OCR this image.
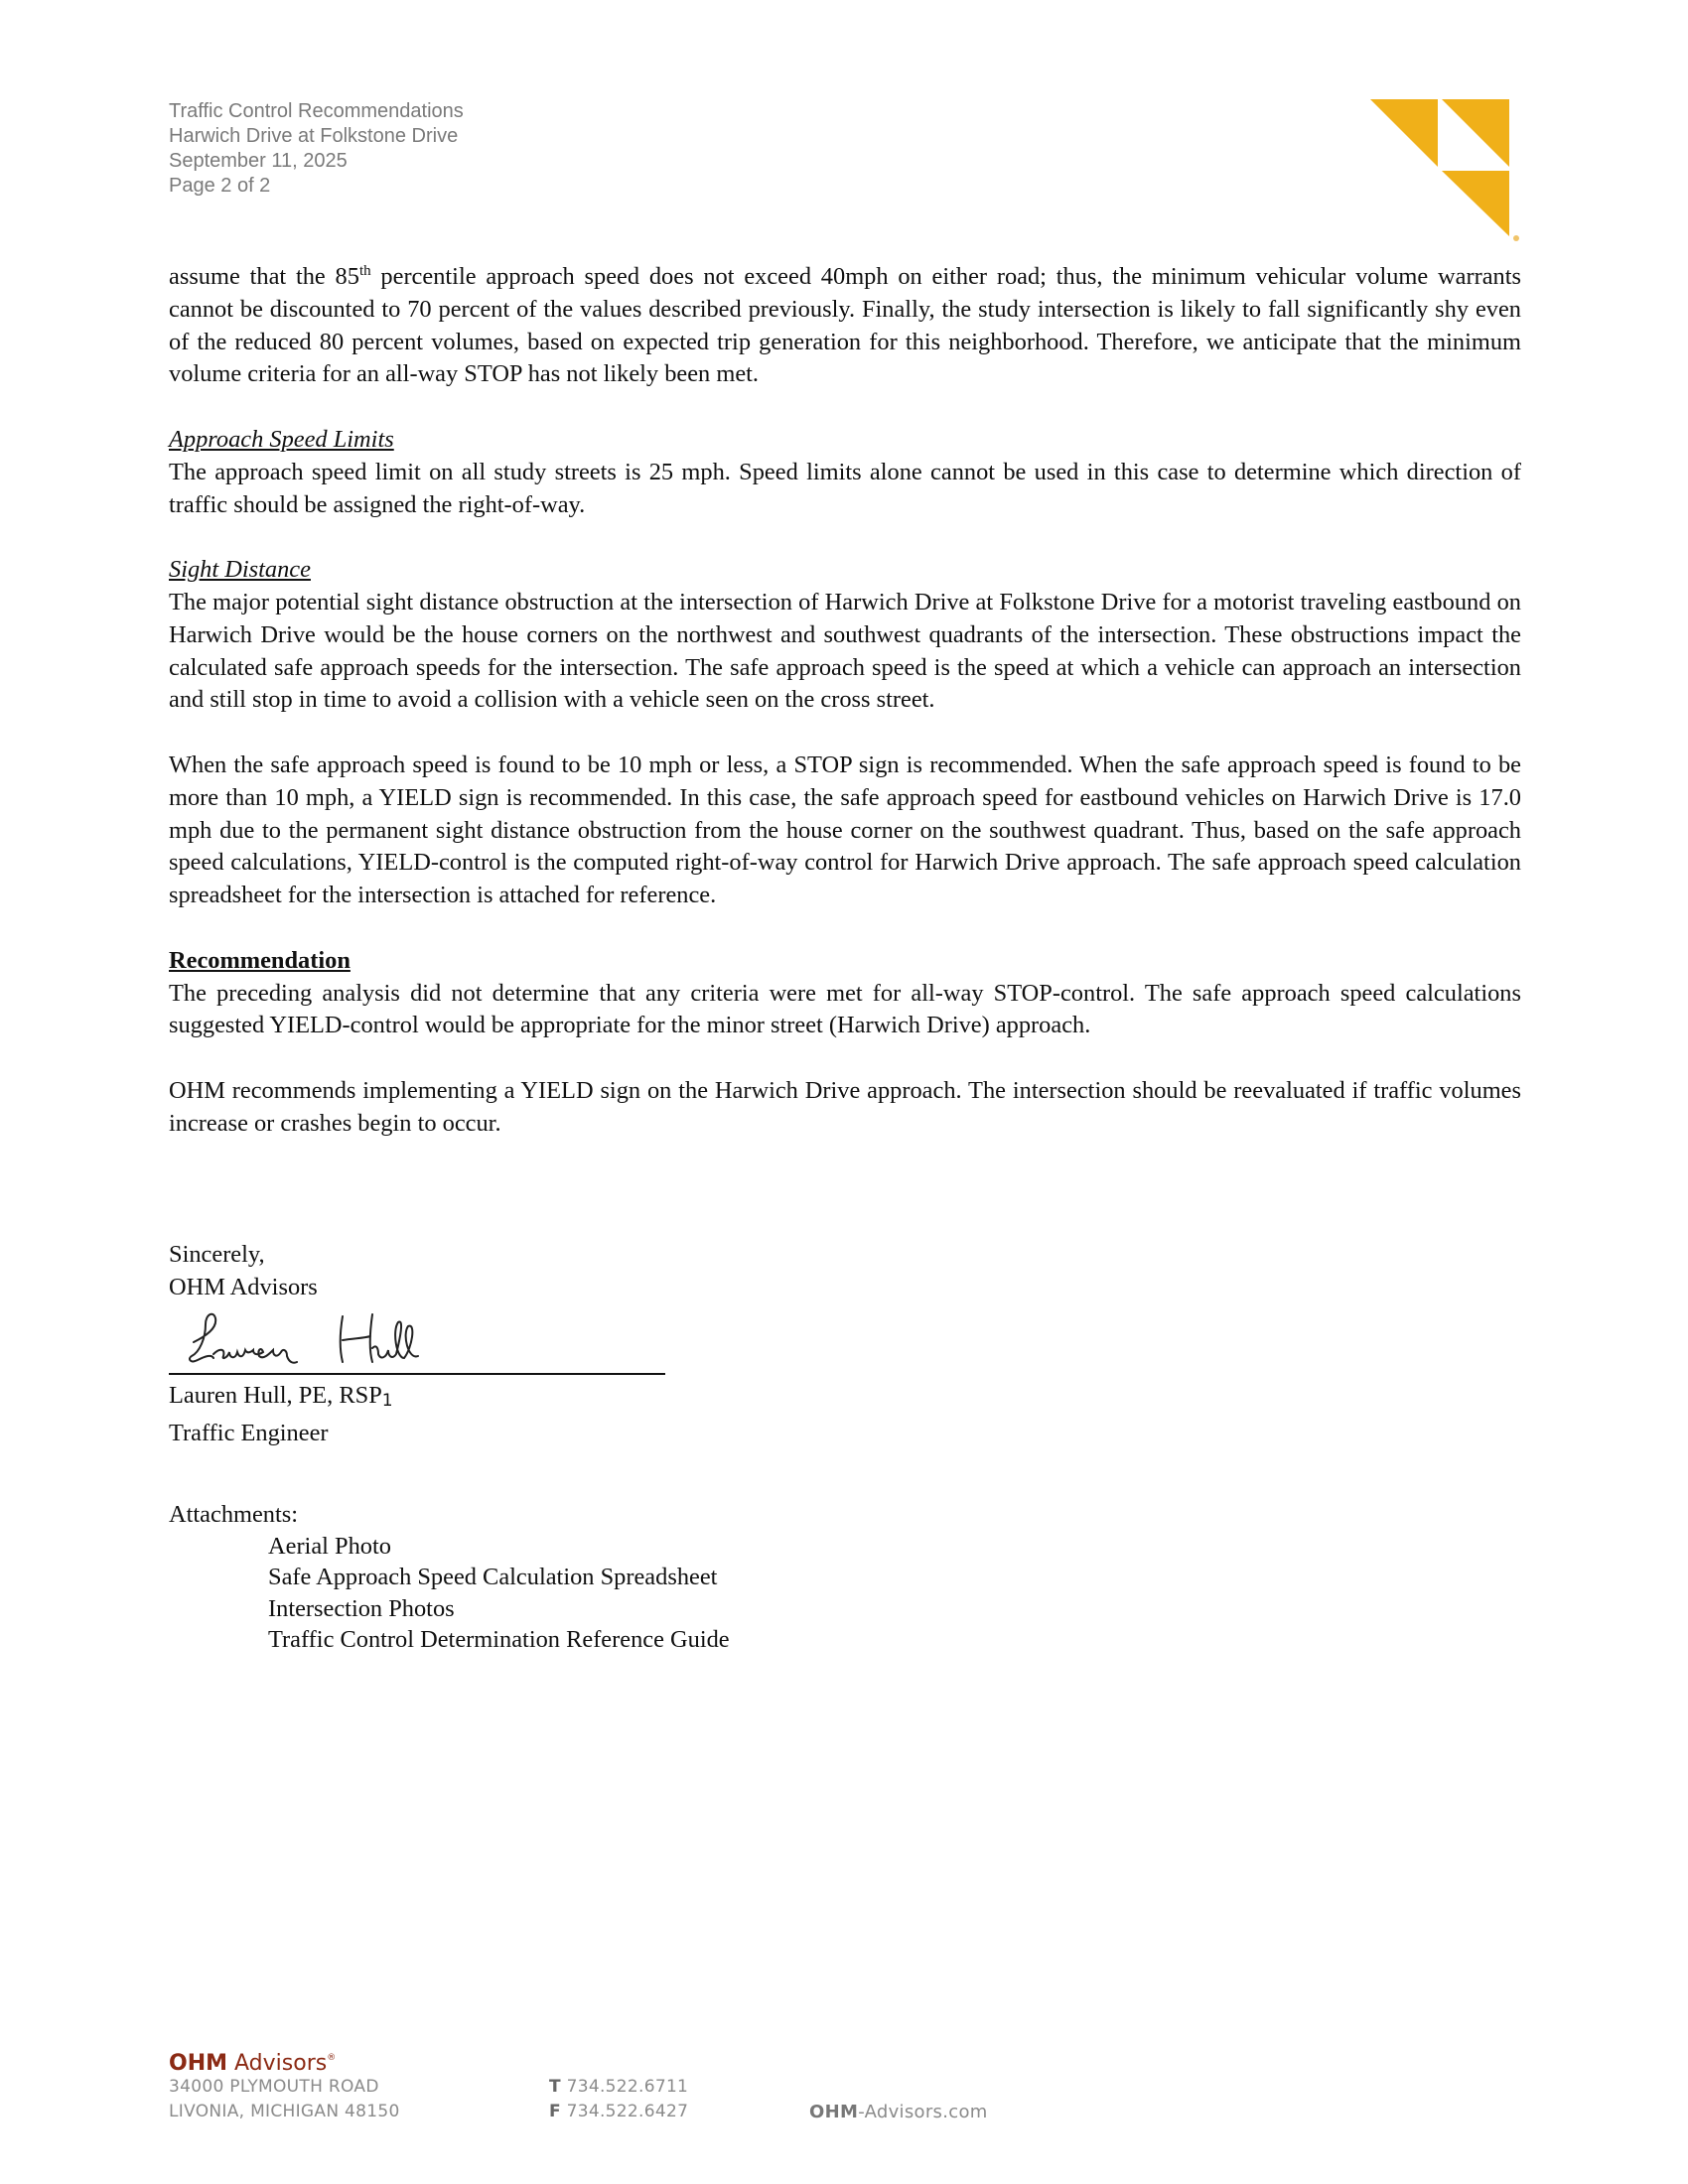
Traffic Control Recommendations
Harwich Drive at Folkstone Drive
September 11, 2025
Page 2 of 2

assume that the 85th percentile approach speed does not exceed 40mph on either road; thus, the minimum vehicular volume warrants cannot be discounted to 70 percent of the values described previously. Finally, the study intersection is likely to fall significantly shy even of the reduced 80 percent volumes, based on expected trip generation for this neighborhood. Therefore, we anticipate that the minimum volume criteria for an all-way STOP has not likely been met.

Approach Speed Limits

The approach speed limit on all study streets is 25 mph. Speed limits alone cannot be used in this case to determine which direction of traffic should be assigned the right-of-way.

Sight Distance

The major potential sight distance obstruction at the intersection of Harwich Drive at Folkstone Drive for a motorist traveling eastbound on Harwich Drive would be the house corners on the northwest and southwest quadrants of the intersection. These obstructions impact the calculated safe approach speeds for the intersection. The safe approach speed is the speed at which a vehicle can approach an intersection and still stop in time to avoid a collision with a vehicle seen on the cross street.

When the safe approach speed is found to be 10 mph or less, a STOP sign is recommended. When the safe approach speed is found to be more than 10 mph, a YIELD sign is recommended. In this case, the safe approach speed for eastbound vehicles on Harwich Drive is 17.0 mph due to the permanent sight distance obstruction from the house corner on the southwest quadrant. Thus, based on the safe approach speed calculations, YIELD-control is the computed right-of-way control for Harwich Drive approach. The safe approach speed calculation spreadsheet for the intersection is attached for reference.

Recommendation

The preceding analysis did not determine that any criteria were met for all-way STOP-control. The safe approach speed calculations suggested YIELD-control would be appropriate for the minor street (Harwich Drive) approach.

OHM recommends implementing a YIELD sign on the Harwich Drive approach. The intersection should be reevaluated if traffic volumes increase or crashes begin to occur.

Sincerely,
OHM Advisors
Lauren Hull, PE, $RSP_1$
Traffic Engineer
Attachments:
Aerial Photo
Safe Approach Speed Calculation Spreadsheet
Intersection Photos
Traffic Control Determination Reference Guide
OHM Advisors®
34000 PLYMOUTH ROAD
LIVONIA, MICHIGAN 48150
T 734.522.6711
F 734.522.6427	OHM-Advisors.com
